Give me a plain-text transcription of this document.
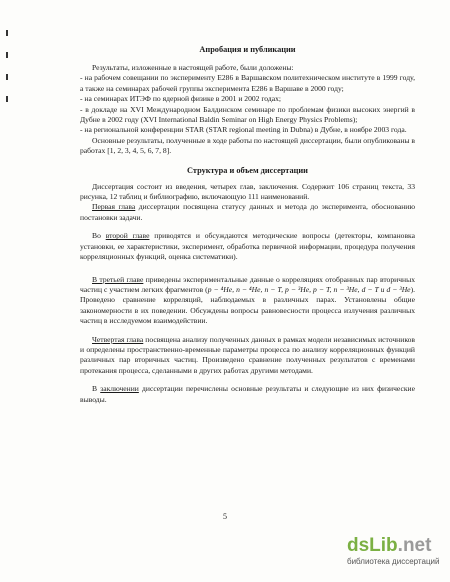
Апробация и публикации

Результаты, изложенные в настоящей работе, были доложены:

- на рабочем совещании по эксперименту E286 в Варшавском политехническом институте в 1999 году, а также на семинарах рабочей группы эксперимента E286 в Варшаве в 2000 году;

- на семинарах ИТЭФ по ядерной физике в 2001 и 2002 годах;

- в докладе на XVI Международном Балдинском семинаре по проблемам физики высоких энергий в Дубне в 2002 году (XVI International Baldin Seminar on High Energy Physics Problems);

- на региональной конференции STAR (STAR regional meeting in Dubna) в Дубне, в ноябре 2003 года.

Основные результаты, полученные в ходе работы по настоящей диссертации, были опубликованы в работах [1, 2, 3, 4, 5, 6, 7, 8].

Структура и объем диссертации

Диссертация состоит из введения, четырех глав, заключения. Содержит 106 страниц текста, 33 рисунка, 12 таблиц и библиографию, включающую 111 наименований.

Первая глава диссертации посвящена статусу данных и метода до эксперимента, обоснованию постановки задачи.

Во второй главе приводятся и обсуждаются методические вопросы (детекторы, компановка установки, ее характеристики, эксперимент, обработка первичной информации, процедура получения корреляционных функций, оценка систематики).

В третьей главе приведены экспериментальные данные о корреляциях отобранных пар вторичных частиц с участием легких фрагментов (p − ⁴He, n − ⁴He, n − T, p − ³He, p − T, n − ³He, d − T и d − ³He). Проведено сравнение корреляций, наблюдаемых в различных парах. Установлены общие закономерности в их поведении. Обсуждены вопросы равновесности процесса излучения различных частиц в исследуемом взаимодействии.

Четвертая глава посвящена анализу полученных данных в рамках модели независимых источников и определены пространственно-временные параметры процесса по анализу корреляционных функций различных пар вторичных частиц. Произведено сравнение полученных результатов с временами протекания процесса, сделанными в других работах другими методами.

В заключении диссертации перечислены основные результаты и следующие из них физические выводы.

5
dsLib.net
библиотека диссертаций
